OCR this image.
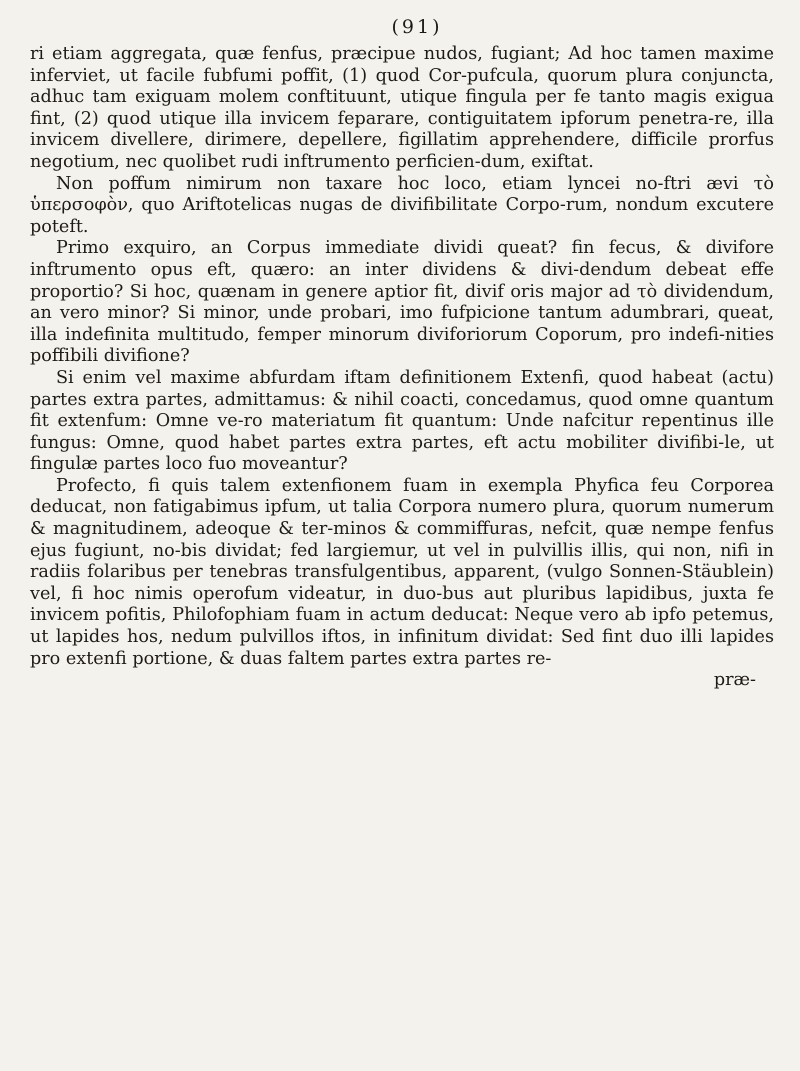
(91)

ri etiam aggregata, quæ fenfus, præcipue nudos, fugiant; Ad hoc tamen maxime inferviet, ut facile fubfumi poffit, (1) quod Cor-pufcula, quorum plura conjuncta, adhuc tam exiguam molem conftituunt, utique fingula per fe tanto magis exigua fint, (2) quod utique illa invicem feparare, contiguitatem ipforum penetra-re, illa invicem divellere, dirimere, depellere, figillatim apprehendere, difficile prorfus negotium, nec quolibet rudi inftrumento perficien-dum, exiftat.

Non poffum nimirum non taxare hoc loco, etiam lyncei no-ftri ævi τὸ ὑπερσοφὸν, quo Ariftotelicas nugas de divifibilitate Corpo-rum, nondum excutere poteft.

Primo exquiro, an Corpus immediate dividi queat? fin fecus, & divifore inftrumento opus eft, quæro: an inter dividens & divi-dendum debeat effe proportio? Si hoc, quænam in genere aptior fit, divif oris major ad τὸ dividendum, an vero minor? Si minor, unde probari, imo fufpicione tantum adumbrari, queat, illa indefinita multitudo, femper minorum diviforiorum Coporum, pro indefi-nities poffibili divifione?

Si enim vel maxime abfurdam iftam definitionem Extenfi, quod habeat (actu) partes extra partes, admittamus: & nihil coacti, concedamus, quod omne quantum fit extenfum: Omne ve-ro materiatum fit quantum: Unde nafcitur repentinus ille fungus: Omne, quod habet partes extra partes, eft actu mobiliter divifibi-le, ut fingulæ partes loco fuo moveantur?

Profecto, fi quis talem extenfionem fuam in exempla Phyfica feu Corporea deducat, non fatigabimus ipfum, ut talia Corpora numero plura, quorum numerum & magnitudinem, adeoque & ter-minos & commiffuras, nefcit, quæ nempe fenfus ejus fugiunt, no-bis dividat; fed largiemur, ut vel in pulvillis illis, qui non, nifi in radiis folaribus per tenebras transfulgentibus, apparent, (vulgo Sonnen-Stäublein) vel, fi hoc nimis operofum videatur, in duo-bus aut pluribus lapidibus, juxta fe invicem pofitis, Philofophiam fuam in actum deducat: Neque vero ab ipfo petemus, ut lapides hos, nedum pulvillos iftos, in infinitum dividat: Sed fint duo illi lapides pro extenfi portione, & duas faltem partes extra partes re-

præ-
